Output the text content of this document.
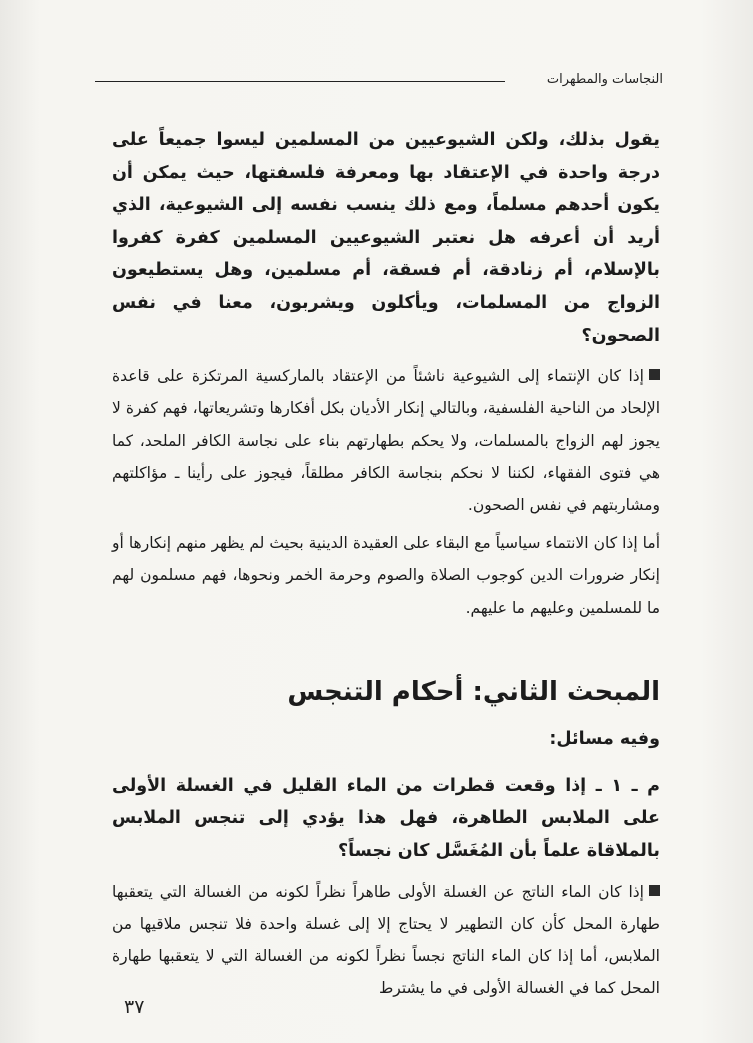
النجاسات والمطهرات

يقول بذلك، ولكن الشيوعيين من المسلمين ليسوا جميعاً على درجة واحدة في الإعتقاد بها ومعرفة فلسفتها، حيث يمكن أن يكون أحدهم مسلماً، ومع ذلك ينسب نفسه إلى الشيوعية، الذي أريد أن أعرفه هل نعتبر الشيوعيين المسلمين كفرة كفروا بالإسلام، أم زنادقة، أم فسقة، أم مسلمين، وهل يستطيعون الزواج من المسلمات، ويأكلون ويشربون، معنا في نفس الصحون؟

إذا كان الإنتماء إلى الشيوعية ناشئاً من الإعتقاد بالماركسية المرتكزة على قاعدة الإلحاد من الناحية الفلسفية، وبالتالي إنكار الأديان بكل أفكارها وتشريعاتها، فهم كفرة لا يجوز لهم الزواج بالمسلمات، ولا يحكم بطهارتهم بناء على نجاسة الكافر الملحد، كما هي فتوى الفقهاء، لكننا لا نحكم بنجاسة الكافر مطلقاً، فيجوز على رأينا ـ مؤاكلتهم ومشاربتهم في نفس الصحون.

أما إذا كان الانتماء سياسياً مع البقاء على العقيدة الدينية بحيث لم يظهر منهم إنكارها أو إنكار ضرورات الدين كوجوب الصلاة والصوم وحرمة الخمر ونحوها، فهم مسلمون لهم ما للمسلمين وعليهم ما عليهم.

المبحث الثاني: أحكام التنجس
وفيه مسائل:

م ـ ١ ـ إذا وقعت قطرات من الماء القليل في الغسلة الأولى على الملابس الطاهرة، فهل هذا يؤدي إلى تنجس الملابس بالملاقاة علماً بأن المُغَسَّل كان نجساً؟

إذا كان الماء الناتج عن الغسلة الأولى طاهراً نظراً لكونه من الغسالة التي يتعقبها طهارة المحل كأن كان التطهير لا يحتاج إلا إلى غسلة واحدة فلا تنجس ملاقيها من الملابس، أما إذا كان الماء الناتج نجساً نظراً لكونه من الغسالة التي لا يتعقبها طهارة المحل كما في الغسالة الأولى في ما يشترط

٣٧
